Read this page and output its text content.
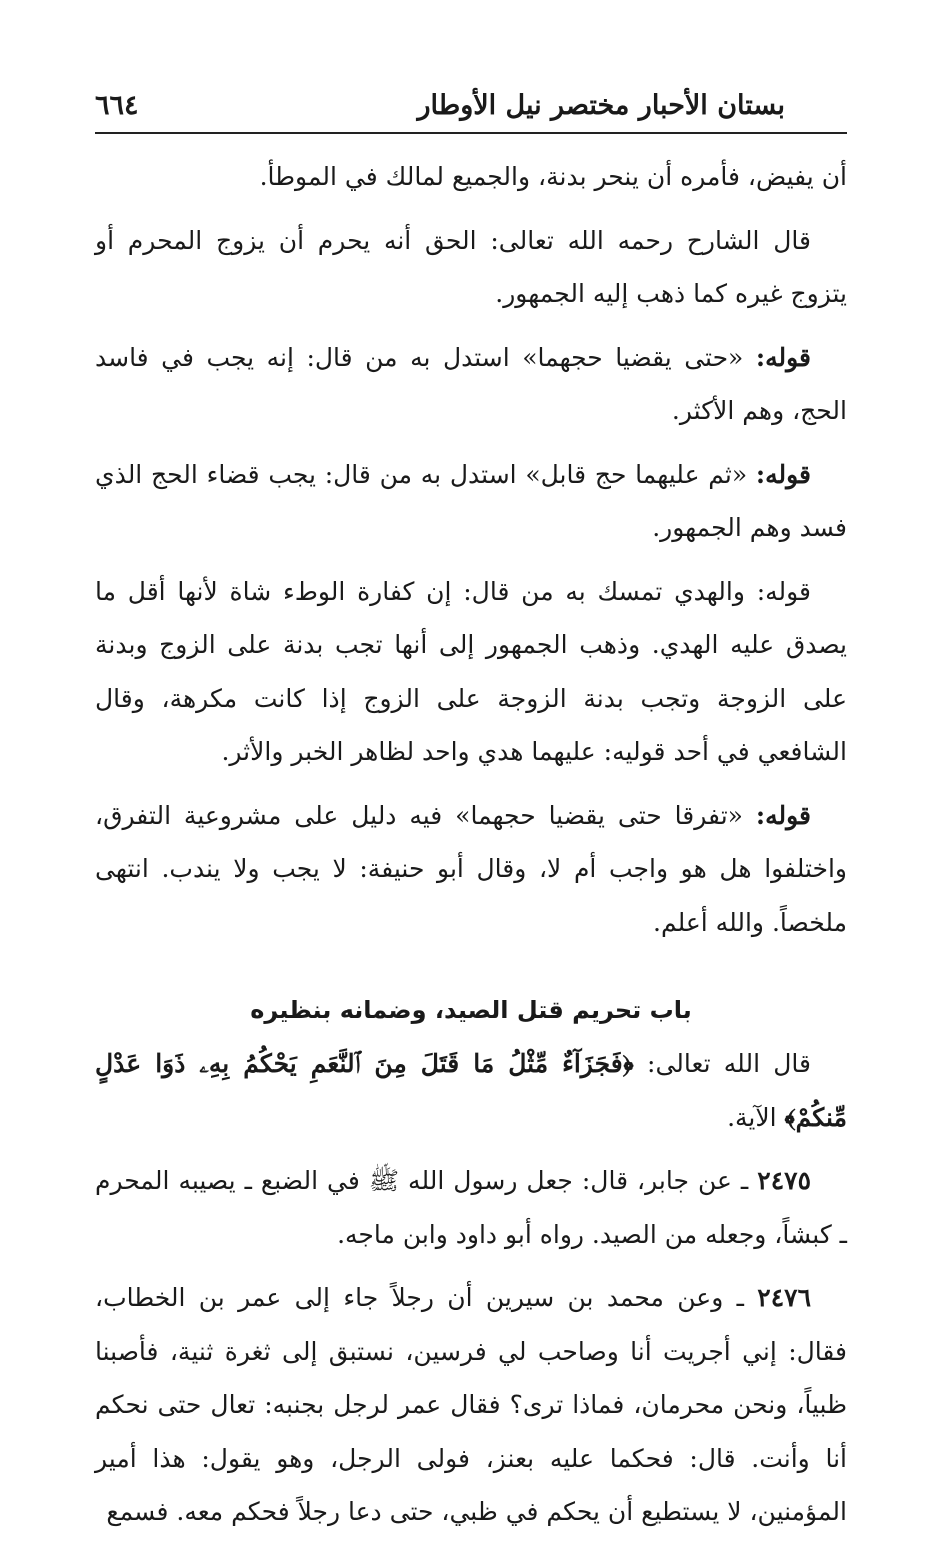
بستان الأحبار مختصر نيل الأوطار
٦٦٤

أن يفيض، فأمره أن ينحر بدنة، والجميع لمالك في الموطأ.

قال الشارح رحمه الله تعالى: الحق أنه يحرم أن يزوج المحرم أو يتزوج غيره كما ذهب إليه الجمهور.

قوله: «حتى يقضيا حجهما» استدل به من قال: إنه يجب في فاسد الحج، وهم الأكثر.

قوله: «ثم عليهما حج قابل» استدل به من قال: يجب قضاء الحج الذي فسد وهم الجمهور.

قوله: والهدي تمسك به من قال: إن كفارة الوطء شاة لأنها أقل ما يصدق عليه الهدي. وذهب الجمهور إلى أنها تجب بدنة على الزوج وبدنة على الزوجة وتجب بدنة الزوجة على الزوج إذا كانت مكرهة، وقال الشافعي في أحد قوليه: عليهما هدي واحد لظاهر الخبر والأثر.

قوله: «تفرقا حتى يقضيا حجهما» فيه دليل على مشروعية التفرق، واختلفوا هل هو واجب أم لا، وقال أبو حنيفة: لا يجب ولا يندب. انتهى ملخصاً. والله أعلم.

باب تحريم قتل الصيد، وضمانه بنظيره

قال الله تعالى: ﴿فَجَزَآءٌ مِّثْلُ مَا قَتَلَ مِنَ ٱلنَّعَمِ يَحْكُمُ بِهِۦ ذَوَا عَدْلٍ مِّنكُمْ﴾ الآية.

٢٤٧٥ ـ عن جابر، قال: جعل رسول الله ﷺ في الضبع ـ يصيبه المحرم ـ كبشاً، وجعله من الصيد. رواه أبو داود وابن ماجه.

٢٤٧٦ ـ وعن محمد بن سيرين أن رجلاً جاء إلى عمر بن الخطاب، فقال: إني أجريت أنا وصاحب لي فرسين، نستبق إلى ثغرة ثنية، فأصبنا ظبياً، ونحن محرمان، فماذا ترى؟ فقال عمر لرجل بجنبه: تعال حتى نحكم أنا وأنت. قال: فحكما عليه بعنز، فولى الرجل، وهو يقول: هذا أمير المؤمنين، لا يستطيع أن يحكم في ظبي، حتى دعا رجلاً فحكم معه. فسمع
